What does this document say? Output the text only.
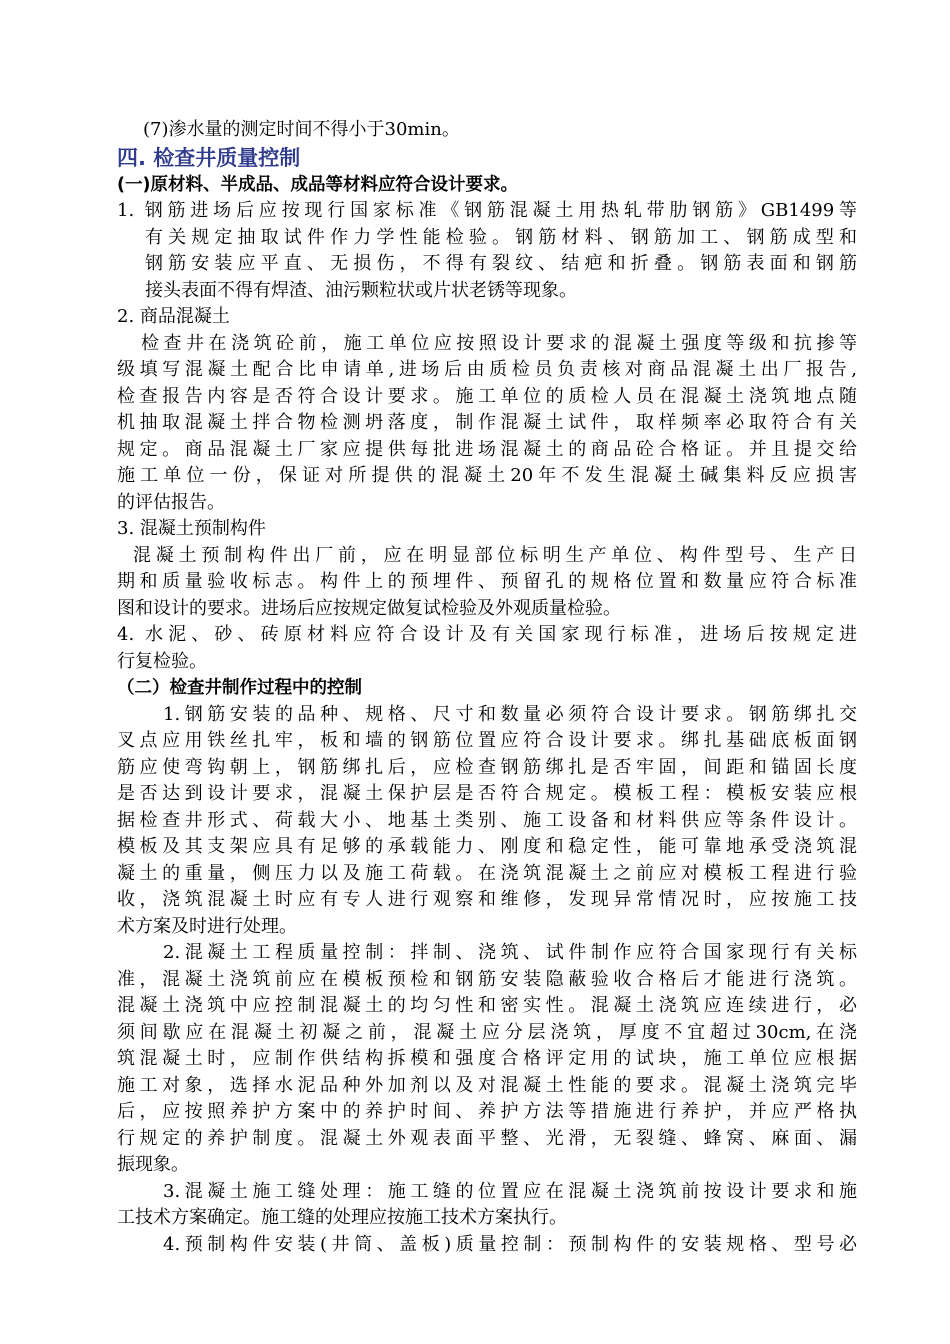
(7)渗水量的测定时间不得小于30min。
四. 检查井质量控制
(一)原材料、半成品、成品等材料应符合设计要求。
1. 钢筋进场后应按现行国家标准《钢筋混凝土用热轧带肋钢筋》GB1499等
有关规定抽取试件作力学性能检验。钢筋材料、钢筋加工、钢筋成型和
钢筋安装应平直、无损伤，不得有裂纹、结疤和折叠。钢筋表面和钢筋
接头表面不得有焊渣、油污颗粒状或片状老锈等现象。
2. 商品混凝土
检查井在浇筑砼前，施工单位应按照设计要求的混凝土强度等级和抗掺等
级填写混凝土配合比申请单,进场后由质检员负责核对商品混凝土出厂报告,
检查报告内容是否符合设计要求。施工单位的质检人员在混凝土浇筑地点随
机抽取混凝土拌合物检测坍落度，制作混凝土试件，取样频率必取符合有关
规定。商品混凝土厂家应提供每批进场混凝土的商品砼合格证。并且提交给
施工单位一份，保证对所提供的混凝土20年不发生混凝土碱集料反应损害
的评估报告。
3. 混凝土预制构件
混凝土预制构件出厂前，应在明显部位标明生产单位、构件型号、生产日
期和质量验收标志。构件上的预埋件、预留孔的规格位置和数量应符合标准
图和设计的要求。进场后应按规定做复试检验及外观质量检验。
4. 水泥、砂、砖原材料应符合设计及有关国家现行标准，进场后按规定进
行复检验。
（二）检查井制作过程中的控制
1.钢筋安装的品种、规格、尺寸和数量必须符合设计要求。钢筋绑扎交
叉点应用铁丝扎牢，板和墙的钢筋位置应符合设计要求。绑扎基础底板面钢
筋应使弯钩朝上，钢筋绑扎后，应检查钢筋绑扎是否牢固，间距和锚固长度
是否达到设计要求，混凝土保护层是否符合规定。模板工程：模板安装应根
据检查井形式、荷载大小、地基土类别、施工设备和材料供应等条件设计。
模板及其支架应具有足够的承载能力、刚度和稳定性，能可靠地承受浇筑混
凝土的重量，侧压力以及施工荷载。在浇筑混凝土之前应对模板工程进行验
收，浇筑混凝土时应有专人进行观察和维修，发现异常情况时，应按施工技
术方案及时进行处理。
2.混凝土工程质量控制：拌制、浇筑、试件制作应符合国家现行有关标
准，混凝土浇筑前应在模板预检和钢筋安装隐蔽验收合格后才能进行浇筑。
混凝土浇筑中应控制混凝土的均匀性和密实性。混凝土浇筑应连续进行，必
须间歇应在混凝土初凝之前，混凝土应分层浇筑，厚度不宜超过30cm,在浇
筑混凝土时，应制作供结构拆模和强度合格评定用的试块，施工单位应根据
施工对象，选择水泥品种外加剂以及对混凝土性能的要求。混凝土浇筑完毕
后，应按照养护方案中的养护时间、养护方法等措施进行养护，并应严格执
行规定的养护制度。混凝土外观表面平整、光滑，无裂缝、蜂窝、麻面、漏
振现象。
3.混凝土施工缝处理：施工缝的位置应在混凝土浇筑前按设计要求和施
工技术方案确定。施工缝的处理应按施工技术方案执行。
4.预制构件安装(井筒、盖板)质量控制：预制构件的安装规格、型号必
